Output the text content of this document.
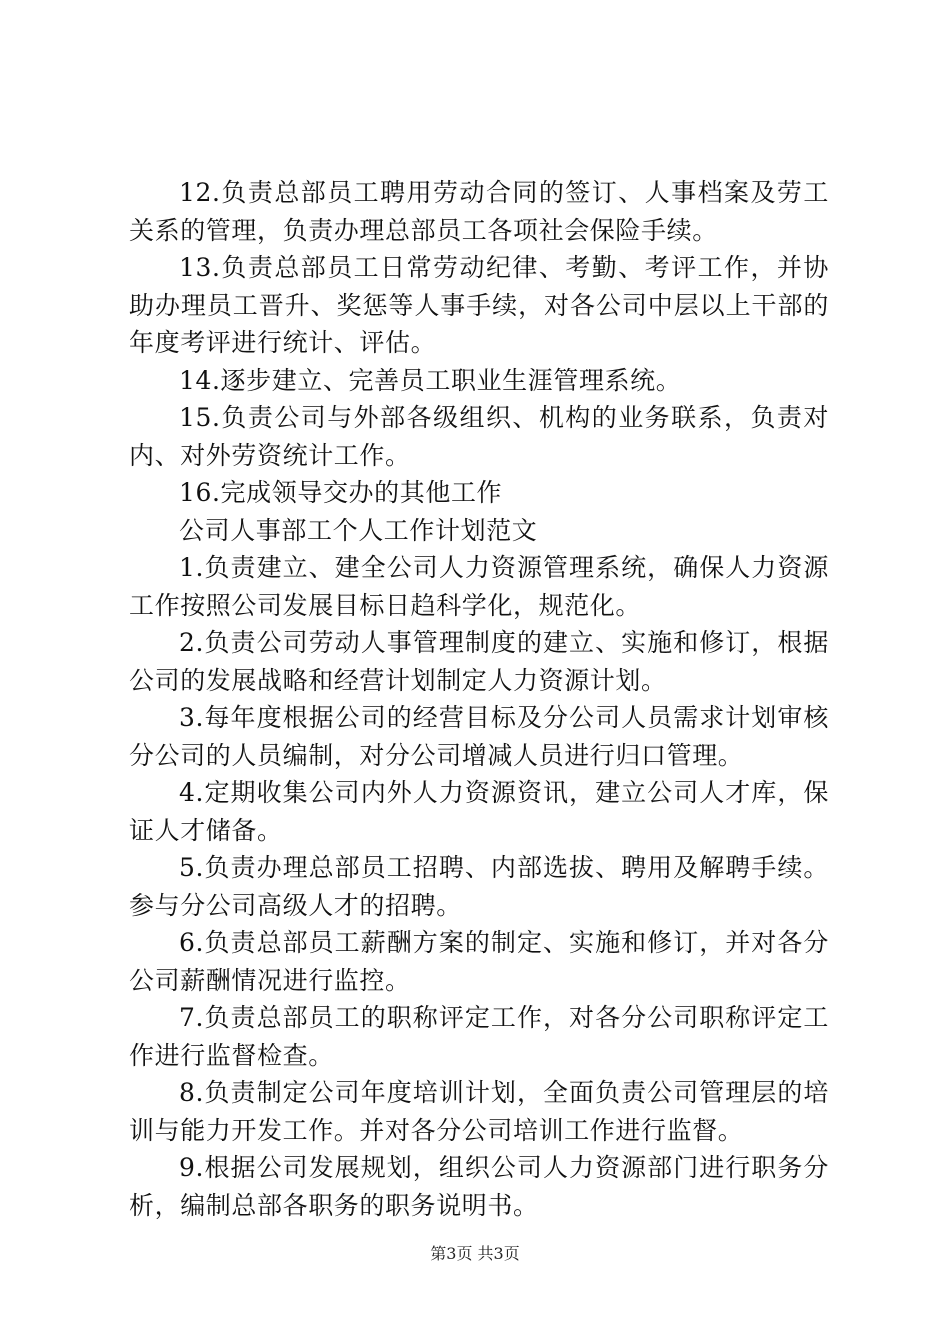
12.负责总部员工聘用劳动合同的签订、人事档案及劳工关系的管理，负责办理总部员工各项社会保险手续。

13.负责总部员工日常劳动纪律、考勤、考评工作，并协助办理员工晋升、奖惩等人事手续，对各公司中层以上干部的年度考评进行统计、评估。

14.逐步建立、完善员工职业生涯管理系统。

15.负责公司与外部各级组织、机构的业务联系，负责对内、对外劳资统计工作。

16.完成领导交办的其他工作

公司人事部工个人工作计划范文

1.负责建立、建全公司人力资源管理系统，确保人力资源工作按照公司发展目标日趋科学化，规范化。

2.负责公司劳动人事管理制度的建立、实施和修订，根据公司的发展战略和经营计划制定人力资源计划。

3.每年度根据公司的经营目标及分公司人员需求计划审核分公司的人员编制，对分公司增减人员进行归口管理。

4.定期收集公司内外人力资源资讯，建立公司人才库，保证人才储备。

5.负责办理总部员工招聘、内部选拔、聘用及解聘手续。参与分公司高级人才的招聘。

6.负责总部员工薪酬方案的制定、实施和修订，并对各分公司薪酬情况进行监控。

7.负责总部员工的职称评定工作，对各分公司职称评定工作进行监督检查。

8.负责制定公司年度培训计划，全面负责公司管理层的培训与能力开发工作。并对各分公司培训工作进行监督。

9.根据公司发展规划，组织公司人力资源部门进行职务分析，编制总部各职务的职务说明书。

第3页 共3页
